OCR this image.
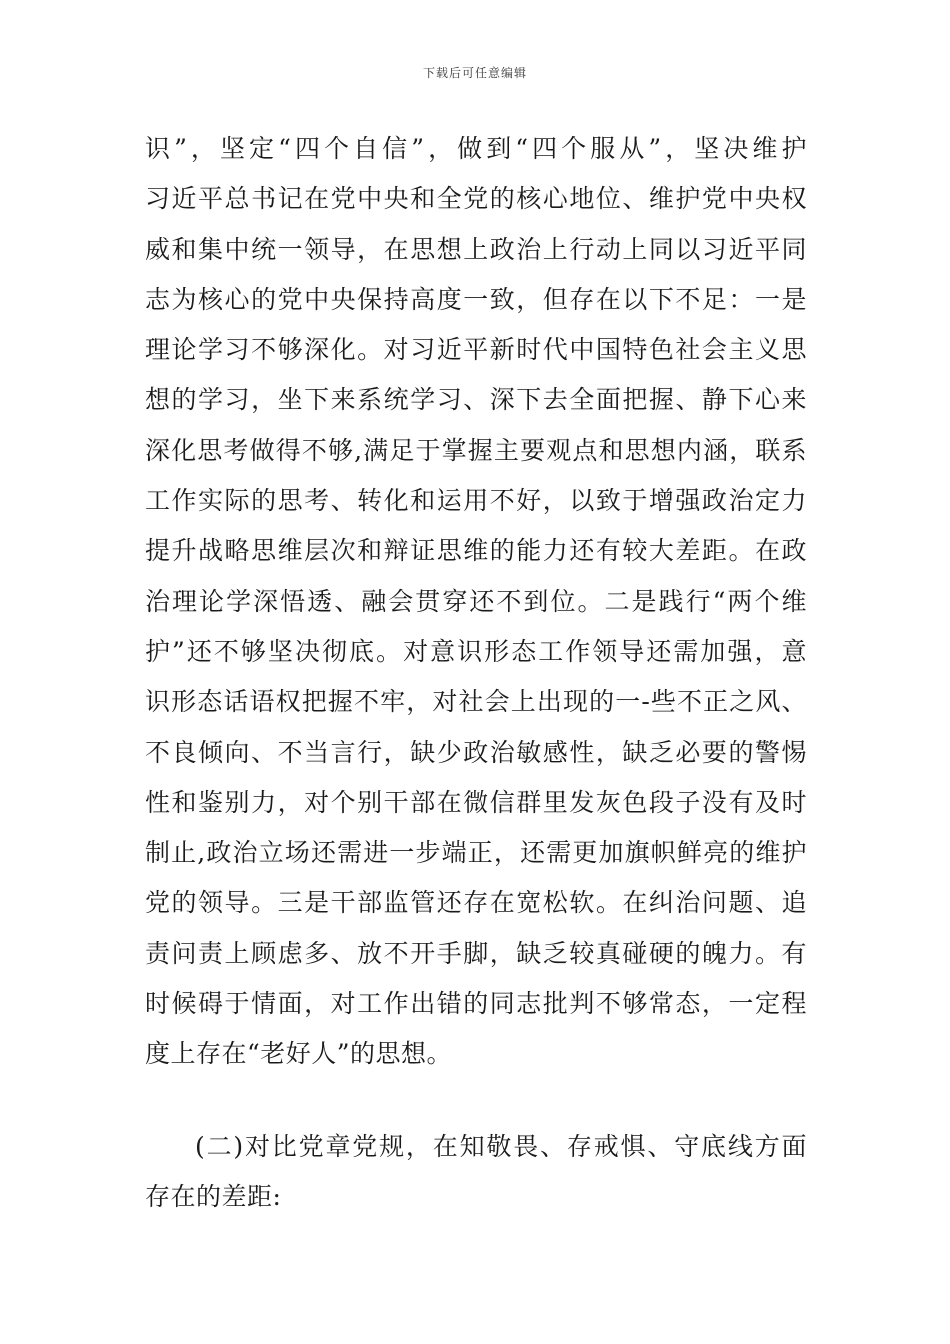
下载后可任意编辑
识”，坚定“四个自信”，做到“四个服从”，坚决维护
习近平总书记在党中央和全党的核心地位、维护党中央权
威和集中统一领导，在思想上政治上行动上同以习近平同
志为核心的党中央保持高度一致，但存在以下不足：一是
理论学习不够深化。对习近平新时代中国特色社会主义思
想的学习，坐下来系统学习、深下去全面把握、静下心来
深化思考做得不够,满足于掌握主要观点和思想内涵，联系
工作实际的思考、转化和运用不好，以致于增强政治定力
提升战略思维层次和辩证思维的能力还有较大差距。在政
治理论学深悟透、融会贯穿还不到位。二是践行“两个维
护”还不够坚决彻底。对意识形态工作领导还需加强，意
识形态话语权把握不牢，对社会上出现的一-些不正之风、
不良倾向、不当言行，缺少政治敏感性，缺乏必要的警惕
性和鉴别力，对个别干部在微信群里发灰色段子没有及时
制止,政治立场还需进一步端正，还需更加旗帜鲜亮的维护
党的领导。三是干部监管还存在宽松软。在纠治问题、追
责问责上顾虑多、放不开手脚，缺乏较真碰硬的魄力。有
时候碍于情面，对工作出错的同志批判不够常态，一定程
度上存在“老好人”的思想。
(二)对比党章党规，在知敬畏、存戒惧、守底线方面
存在的差距:
